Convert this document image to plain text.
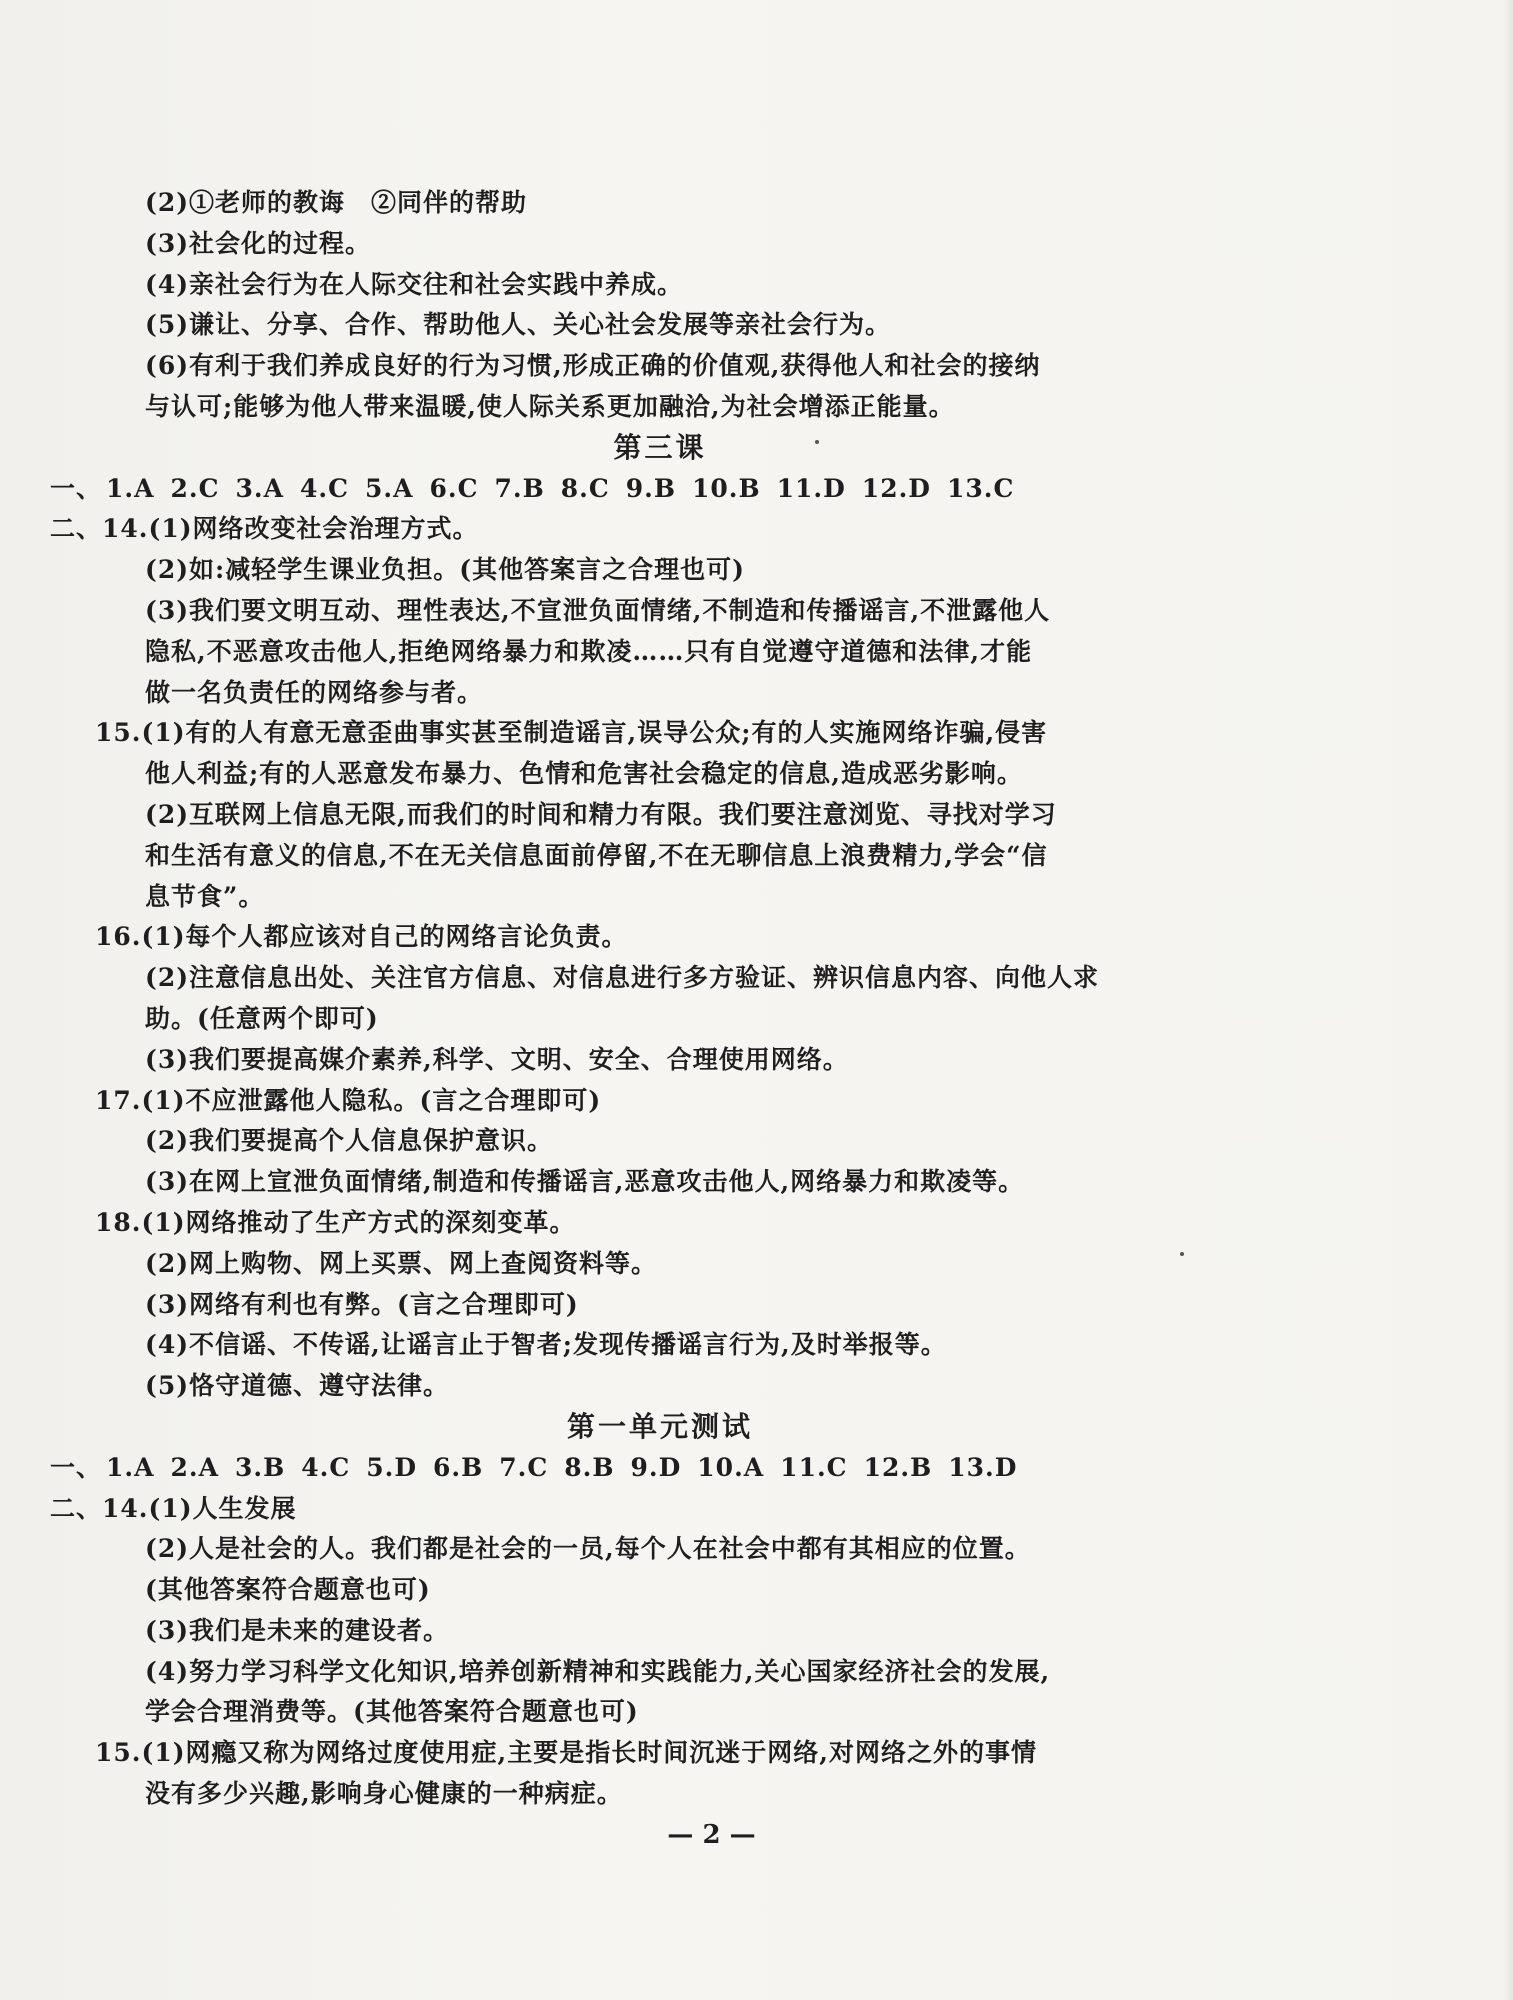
(2)①老师的教诲　②同伴的帮助
(3)社会化的过程。
(4)亲社会行为在人际交往和社会实践中养成。
(5)谦让、分享、合作、帮助他人、关心社会发展等亲社会行为。
(6)有利于我们养成良好的行为习惯,形成正确的价值观,获得他人和社会的接纳
与认可;能够为他人带来温暖,使人际关系更加融洽,为社会增添正能量。
第三课
一、 1.A 2.C 3.A 4.C 5.A 6.C 7.B 8.C 9.B 10.B 11.D 12.D 13.C
二、14.(1)网络改变社会治理方式。
(2)如:减轻学生课业负担。(其他答案言之合理也可)
(3)我们要文明互动、理性表达,不宣泄负面情绪,不制造和传播谣言,不泄露他人
隐私,不恶意攻击他人,拒绝网络暴力和欺凌……只有自觉遵守道德和法律,才能
做一名负责任的网络参与者。
15.(1)有的人有意无意歪曲事实甚至制造谣言,误导公众;有的人实施网络诈骗,侵害
他人利益;有的人恶意发布暴力、色情和危害社会稳定的信息,造成恶劣影响。
(2)互联网上信息无限,而我们的时间和精力有限。我们要注意浏览、寻找对学习
和生活有意义的信息,不在无关信息面前停留,不在无聊信息上浪费精力,学会“信
息节食”。
16.(1)每个人都应该对自己的网络言论负责。
(2)注意信息出处、关注官方信息、对信息进行多方验证、辨识信息内容、向他人求
助。(任意两个即可)
(3)我们要提高媒介素养,科学、文明、安全、合理使用网络。
17.(1)不应泄露他人隐私。(言之合理即可)
(2)我们要提高个人信息保护意识。
(3)在网上宣泄负面情绪,制造和传播谣言,恶意攻击他人,网络暴力和欺凌等。
18.(1)网络推动了生产方式的深刻变革。
(2)网上购物、网上买票、网上查阅资料等。
(3)网络有利也有弊。(言之合理即可)
(4)不信谣、不传谣,让谣言止于智者;发现传播谣言行为,及时举报等。
(5)恪守道德、遵守法律。
第一单元测试
一、 1.A 2.A 3.B 4.C 5.D 6.B 7.C 8.B 9.D 10.A 11.C 12.B 13.D
二、14.(1)人生发展
(2)人是社会的人。我们都是社会的一员,每个人在社会中都有其相应的位置。
(其他答案符合题意也可)
(3)我们是未来的建设者。
(4)努力学习科学文化知识,培养创新精神和实践能力,关心国家经济社会的发展,
学会合理消费等。(其他答案符合题意也可)
15.(1)网瘾又称为网络过度使用症,主要是指长时间沉迷于网络,对网络之外的事情
没有多少兴趣,影响身心健康的一种病症。
— 2 —
